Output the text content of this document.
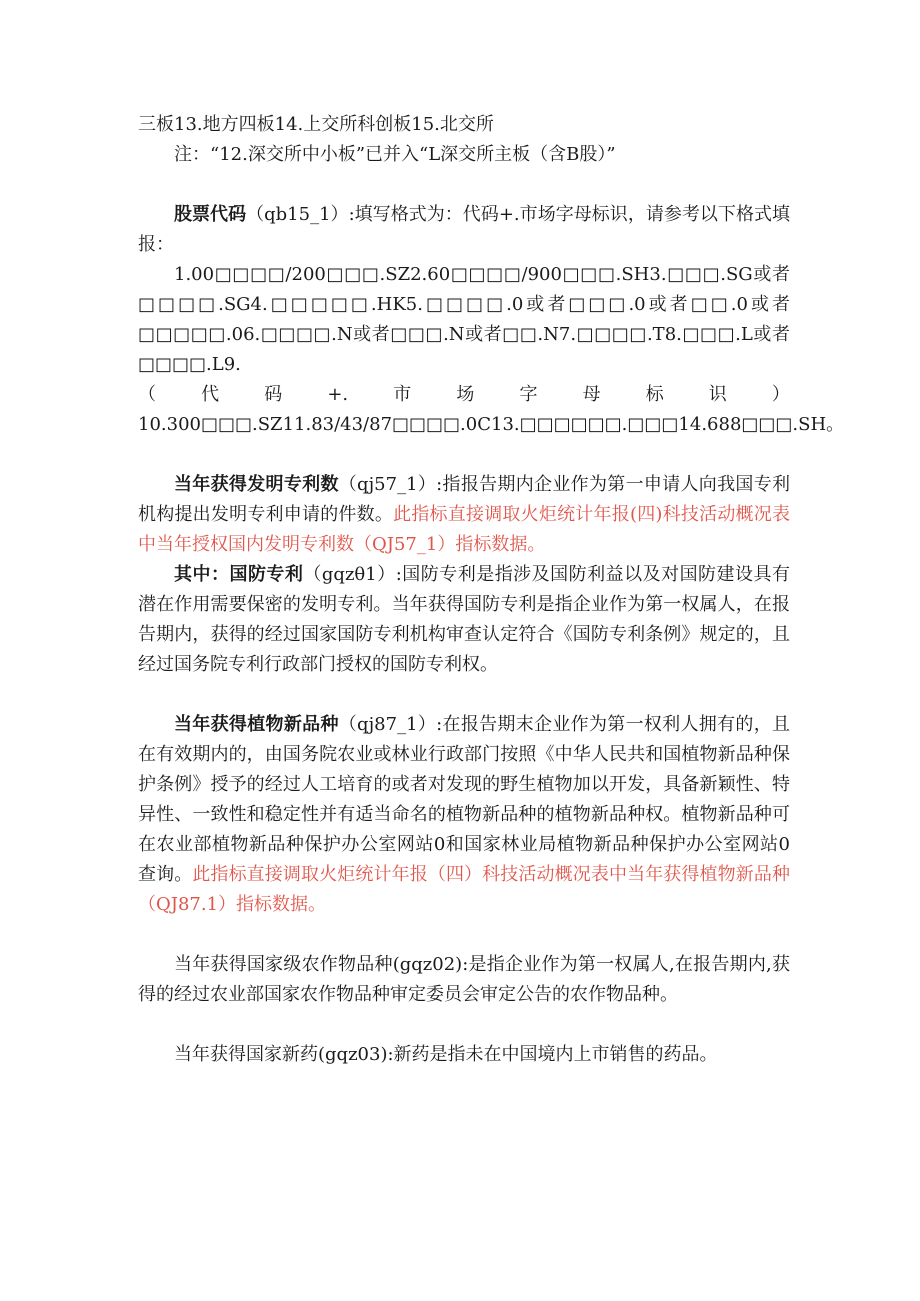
三板13.地方四板14.上交所科创板15.北交所

注：“12.深交所中小板”已并入“L深交所主板（含B股）”

股票代码（qb15_1）:填写格式为：代码+.市场字母标识，请参考以下格式填报：

1.00□□□□/200□□□.SZ2.60□□□□/900□□□.SH3.□□□.SG或者□□□□.SG4.□□□□□.HK5.□□□□.0或者□□□.0或者□□.0或者□□□□□.06.□□□□.N或者□□□.N或者□□.N7.□□□□.T8.□□□.L或者□□□□.L9.

（	代	码	+.	市	场	字	母	标	识	）

10.300□□□.SZ11.83/43/87□□□□.0C13.□□□□□□.□□□14.688□□□.SH。

当年获得发明专利数（qj57_1）:指报告期内企业作为第一申请人向我国专利机构提出发明专利申请的件数。此指标直接调取火炬统计年报(四)科技活动概况表中当年授权国内发明专利数（QJ57_1）指标数据。

其中：国防专利（gqzθ1）:国防专利是指涉及国防利益以及对国防建设具有潜在作用需要保密的发明专利。当年获得国防专利是指企业作为第一权属人，在报告期内，获得的经过国家国防专利机构审查认定符合《国防专利条例》规定的，且经过国务院专利行政部门授权的国防专利权。

当年获得植物新品种（qj87_1）:在报告期末企业作为第一权利人拥有的，且在有效期内的，由国务院农业或林业行政部门按照《中华人民共和国植物新品种保护条例》授予的经过人工培育的或者对发现的野生植物加以开发，具备新颖性、特异性、一致性和稳定性并有适当命名的植物新品种的植物新品种权。植物新品种可在农业部植物新品种保护办公室网站0和国家林业局植物新品种保护办公室网站0查询。此指标直接调取火炬统计年报（四）科技活动概况表中当年获得植物新品种（QJ87.1）指标数据。

当年获得国家级农作物品种(gqz02):是指企业作为第一权属人,在报告期内,获得的经过农业部国家农作物品种审定委员会审定公告的农作物品种。

当年获得国家新药(gqz03):新药是指未在中国境内上市销售的药品。
